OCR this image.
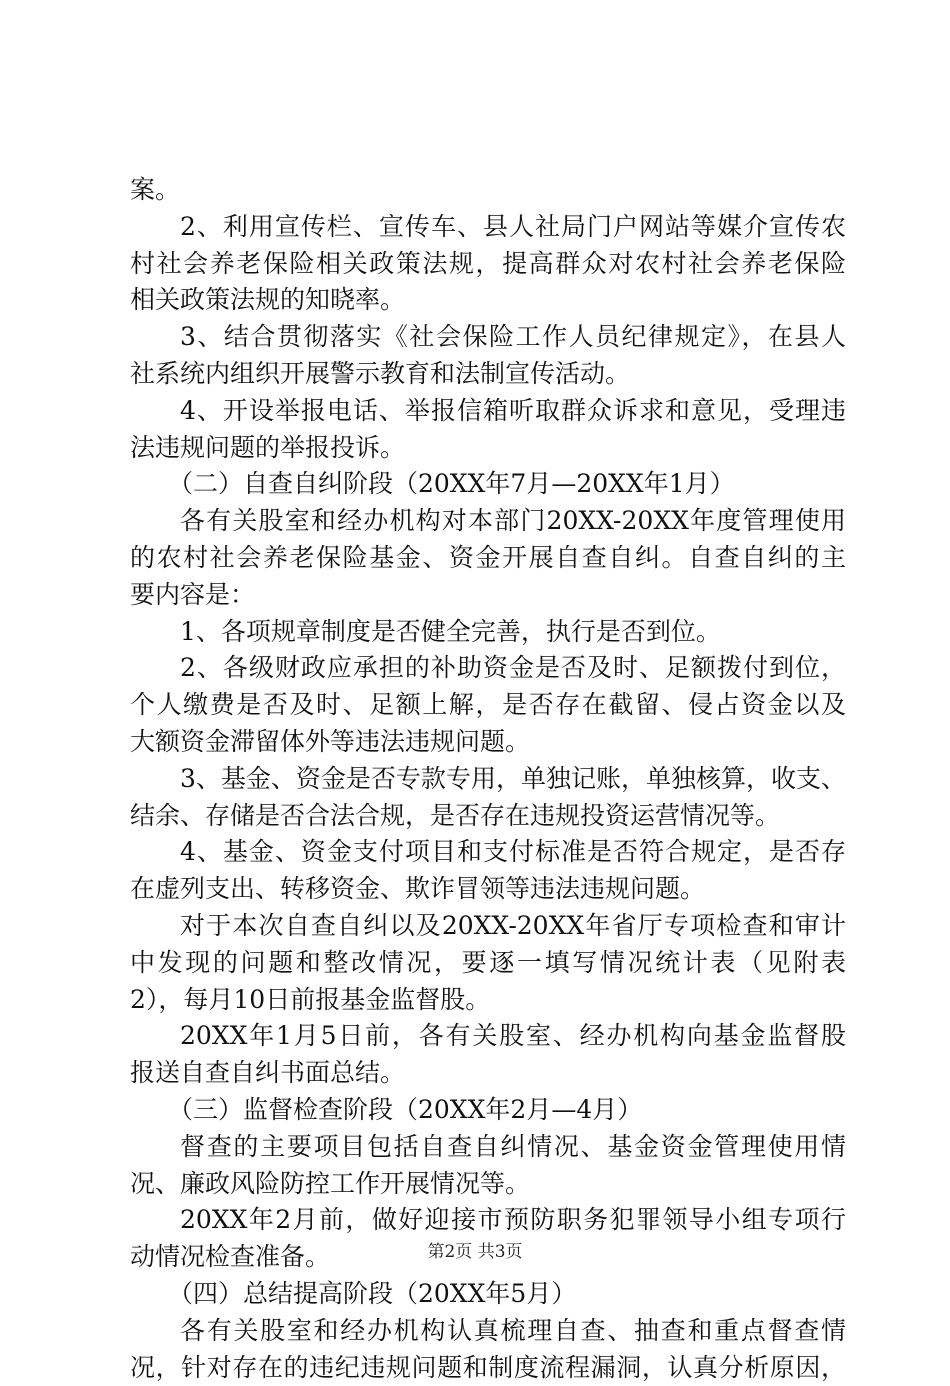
案。
2、利用宣传栏、宣传车、县人社局门户网站等媒介宣传农
村社会养老保险相关政策法规，提高群众对农村社会养老保险
相关政策法规的知晓率。
3、结合贯彻落实《社会保险工作人员纪律规定》，在县人
社系统内组织开展警示教育和法制宣传活动。
4、开设举报电话、举报信箱听取群众诉求和意见，受理违
法违规问题的举报投诉。
（二）自查自纠阶段（20XX年7月—20XX年1月）
各有关股室和经办机构对本部门20XX-20XX年度管理使用
的农村社会养老保险基金、资金开展自查自纠。自查自纠的主
要内容是：
1、各项规章制度是否健全完善，执行是否到位。
2、各级财政应承担的补助资金是否及时、足额拨付到位，
个人缴费是否及时、足额上解，是否存在截留、侵占资金以及
大额资金滞留体外等违法违规问题。
3、基金、资金是否专款专用，单独记账，单独核算，收支、
结余、存储是否合法合规，是否存在违规投资运营情况等。
4、基金、资金支付项目和支付标准是否符合规定，是否存
在虚列支出、转移资金、欺诈冒领等违法违规问题。
对于本次自查自纠以及20XX-20XX年省厅专项检查和审计
中发现的问题和整改情况，要逐一填写情况统计表（见附表
2），每月10日前报基金监督股。
20XX年1月5日前，各有关股室、经办机构向基金监督股
报送自查自纠书面总结。
（三）监督检查阶段（20XX年2月—4月）
督查的主要项目包括自查自纠情况、基金资金管理使用情
况、廉政风险防控工作开展情况等。
20XX年2月前，做好迎接市预防职务犯罪领导小组专项行
动情况检查准备。
（四）总结提高阶段（20XX年5月）
各有关股室和经办机构认真梳理自查、抽查和重点督查情
况，针对存在的违纪违规问题和制度流程漏洞，认真分析原因，
第2页 共3页
